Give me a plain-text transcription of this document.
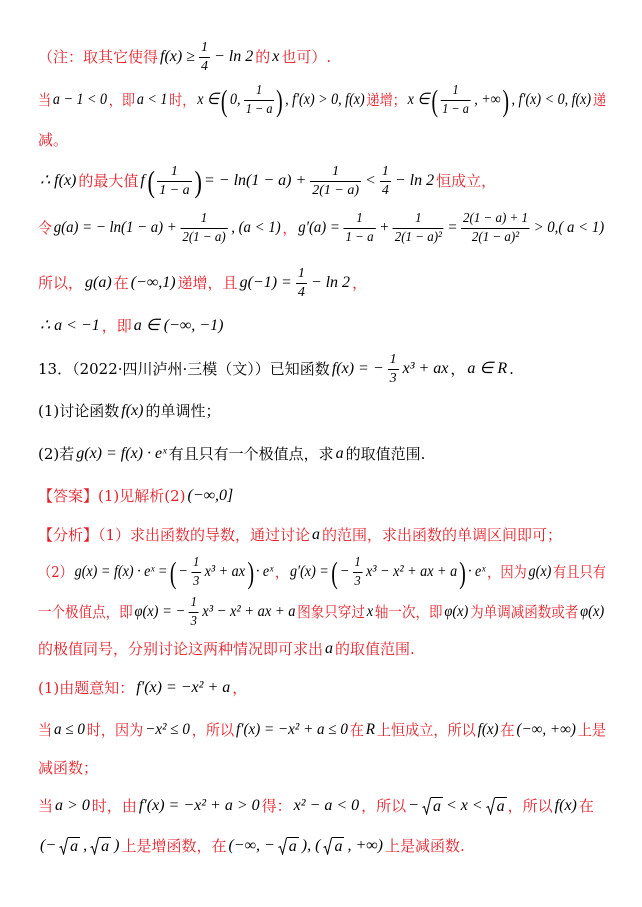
（注：取其它使得 $f(x) \ge \frac{1}{4} - \ln 2$ 的 x 也可）.
当 a − 1 < 0 ，即 a < 1 时， x ∈ ( 0, $\frac{1}{1 - a}$ ) , f′(x) > 0, f(x) 递增； x ∈ ( $\frac{1}{1 - a}$ , +∞ ) , f′(x) < 0, f(x) 递
减。
∴ f(x) 的最大值 f ( $\frac{1}{1 - a}$ ) = − $\ln(1 - a) + \frac{1}{2(1 - a)} < \frac{1}{4} - \ln 2$ 恒成立，
令 g(a) = − $\ln(1 - a) + \frac{1}{2(1 - a)}$ , (a < 1) ， $g'(a) = \frac{1}{1 - a} + \frac{1}{\text{2(1 − a)²}} = \frac{2(1 - a) + 1}{\text{2(1 − a)²}} > 0$,( a < 1)
所以， g(a) 在 (−∞,1) 递增，且 $g(-1) = \frac{1}{4} - \ln 2$ ，
∴ a < −1 ，即 a ∈ (−∞, −1)
13．（2022·四川泸州·三模（文））已知函数 f(x) = − $\frac{1}{3} x^3$ + ax ， a ∈ R .
(1)讨论函数 f(x) 的单调性；
(2)若 g(x) = f(x) · eˣ 有且只有一个极值点，求 a 的取值范围.
【答案】(1)见解析(2) (−∞,0]
【分析】（1）求出函数的导数，通过讨论 a 的范围，求出函数的单调区间即可；
（2） g(x) = f(x) · eˣ = ( − $\frac{1}{3} x^3$ + ax ) · eˣ ， g′(x) = ( − $\frac{1}{3} x^3 - x^2$ + ax + a ) · eˣ ，因为 g(x) 有且只有
一个极值点，即 φ(x) = − $\frac{1}{3} x^3 - x^2$ + ax + a 图象只穿过 x 轴一次，即 φ(x) 为单调减函数或者 φ(x)
的极值同号，分别讨论这两种情况即可求出 a 的取值范围.
(1)由题意知： f′(x) = −x² + a ，
当 a ≤ 0 时，因为 −x² ≤ 0 ，所以 f′(x) = −x² + a ≤ 0 在 R 上恒成立，所以 f(x) 在 (−∞, +∞) 上是
减函数；
当 a > 0 时，由 f′(x) = −x² + a > 0 得： x² − a < 0 ，所以 − a < x < a ，所以 f(x) 在
(− a , a ) 上是增函数，在 (−∞, − a ), ( a , +∞) 上是减函数.
